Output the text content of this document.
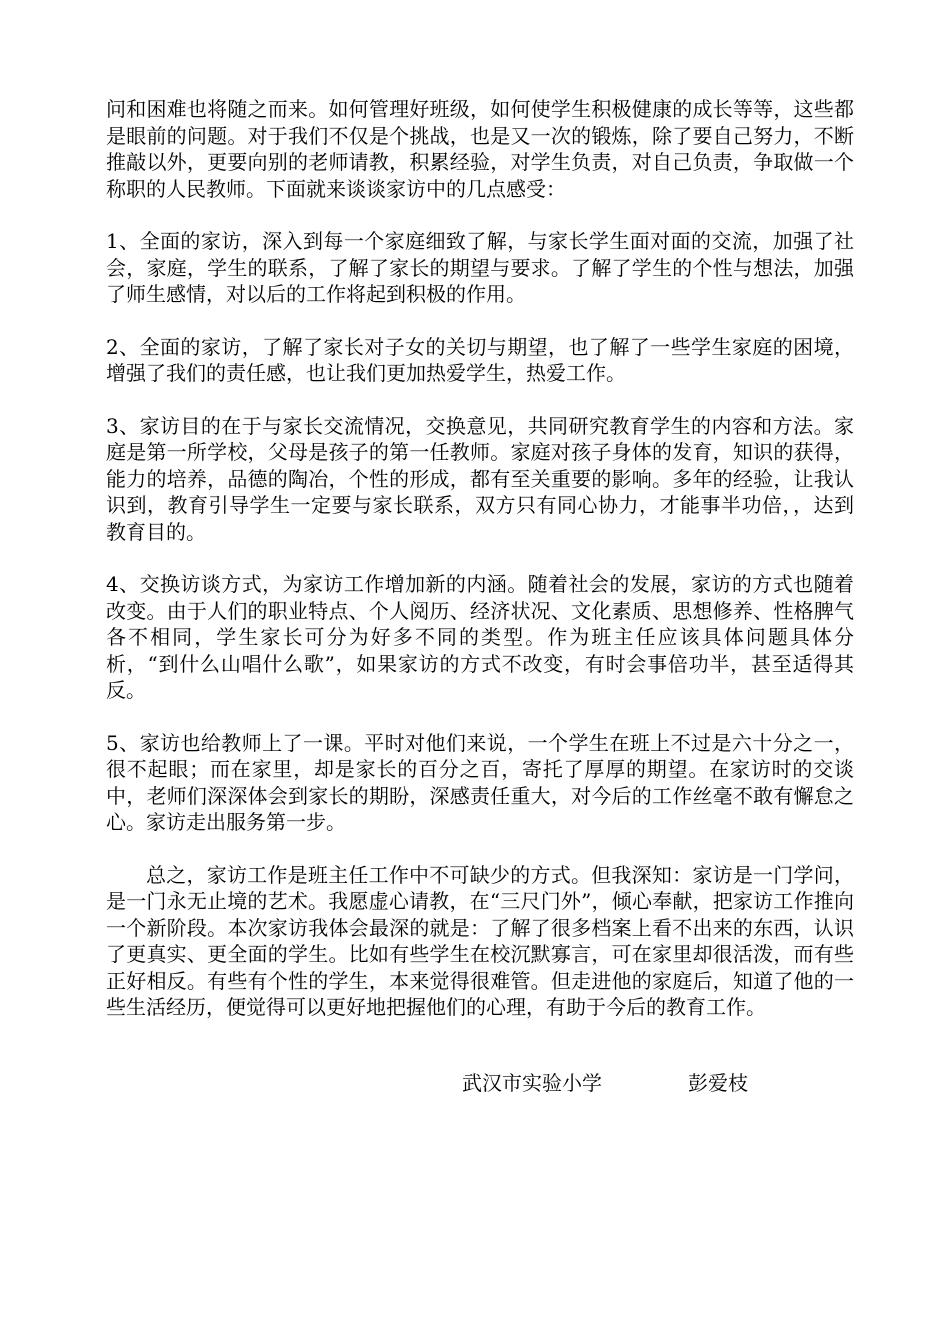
问和困难也将随之而来。如何管理好班级，如何使学生积极健康的成长等等，这些都是眼前的问题。对于我们不仅是个挑战，也是又一次的锻炼，除了要自己努力，不断推敲以外，更要向别的老师请教，积累经验，对学生负责，对自己负责，争取做一个称职的人民教师。下面就来谈谈家访中的几点感受：

1、全面的家访，深入到每一个家庭细致了解，与家长学生面对面的交流，加强了社会，家庭，学生的联系，了解了家长的期望与要求。了解了学生的个性与想法，加强了师生感情，对以后的工作将起到积极的作用。

2、全面的家访，了解了家长对子女的关切与期望，也了解了一些学生家庭的困境，增强了我们的责任感，也让我们更加热爱学生，热爱工作。

3、家访目的在于与家长交流情况，交换意见，共同研究教育学生的内容和方法。家庭是第一所学校，父母是孩子的第一任教师。家庭对孩子身体的发育，知识的获得，能力的培养，品德的陶冶，个性的形成，都有至关重要的影响。多年的经验，让我认识到，教育引导学生一定要与家长联系，双方只有同心协力，才能事半功倍，，达到教育目的。

4、交换访谈方式，为家访工作增加新的内涵。随着社会的发展，家访的方式也随着改变。由于人们的职业特点、个人阅历、经济状况、文化素质、思想修养、性格脾气各不相同，学生家长可分为好多不同的类型。作为班主任应该具体问题具体分析，“到什么山唱什么歌”，如果家访的方式不改变，有时会事倍功半，甚至适得其反。

5、家访也给教师上了一课。平时对他们来说，一个学生在班上不过是六十分之一，很不起眼；而在家里，却是家长的百分之百，寄托了厚厚的期望。在家访时的交谈中，老师们深深体会到家长的期盼，深感责任重大，对今后的工作丝毫不敢有懈怠之心。家访走出服务第一步。

总之，家访工作是班主任工作中不可缺少的方式。但我深知：家访是一门学问，是一门永无止境的艺术。我愿虚心请教，在“三尺门外”，倾心奉献，把家访工作推向一个新阶段。本次家访我体会最深的就是：了解了很多档案上看不出来的东西，认识了更真实、更全面的学生。比如有些学生在校沉默寡言，可在家里却很活泼，而有些正好相反。有些有个性的学生，本来觉得很难管。但走进他的家庭后，知道了他的一些生活经历，便觉得可以更好地把握他们的心理，有助于今后的教育工作。

武汉市实验小学	彭爱枝
